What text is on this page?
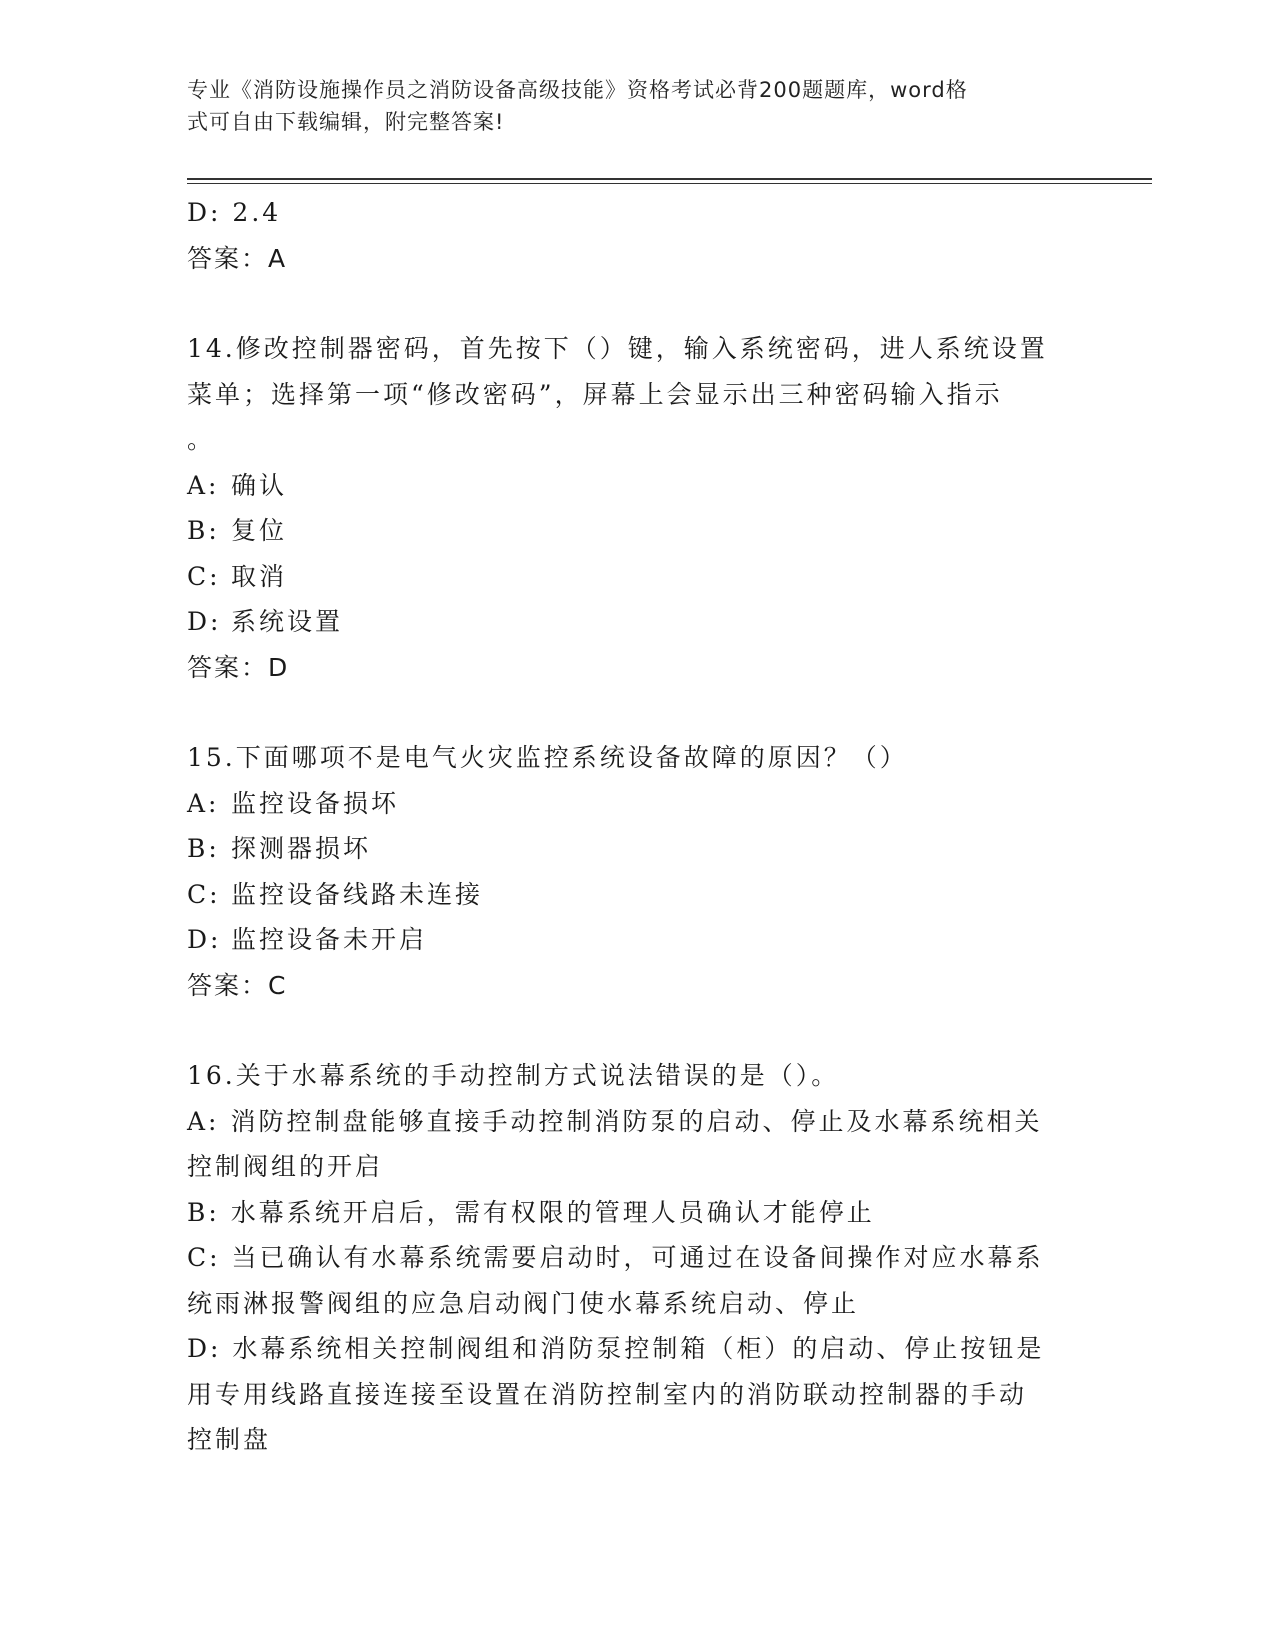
专业《消防设施操作员之消防设备高级技能》资格考试必背200题题库，word格
式可自由下载编辑，附完整答案!
D: 2.4
答案：A
14.修改控制器密码，首先按下（）键，输入系统密码，进人系统设置
菜单；选择第一项“修改密码”，屏幕上会显示出三种密码输入指示
。
A: 确认
B: 复位
C: 取消
D: 系统设置
答案：D
15.下面哪项不是电气火灾监控系统设备故障的原因？（）
A: 监控设备损坏
B: 探测器损坏
C: 监控设备线路未连接
D: 监控设备未开启
答案：C
16.关于水幕系统的手动控制方式说法错误的是（）。
A: 消防控制盘能够直接手动控制消防泵的启动、停止及水幕系统相关
控制阀组的开启
B: 水幕系统开启后，需有权限的管理人员确认才能停止
C: 当已确认有水幕系统需要启动时，可通过在设备间操作对应水幕系
统雨淋报警阀组的应急启动阀门使水幕系统启动、停止
D: 水幕系统相关控制阀组和消防泵控制箱（柜）的启动、停止按钮是
用专用线路直接连接至设置在消防控制室内的消防联动控制器的手动
控制盘
